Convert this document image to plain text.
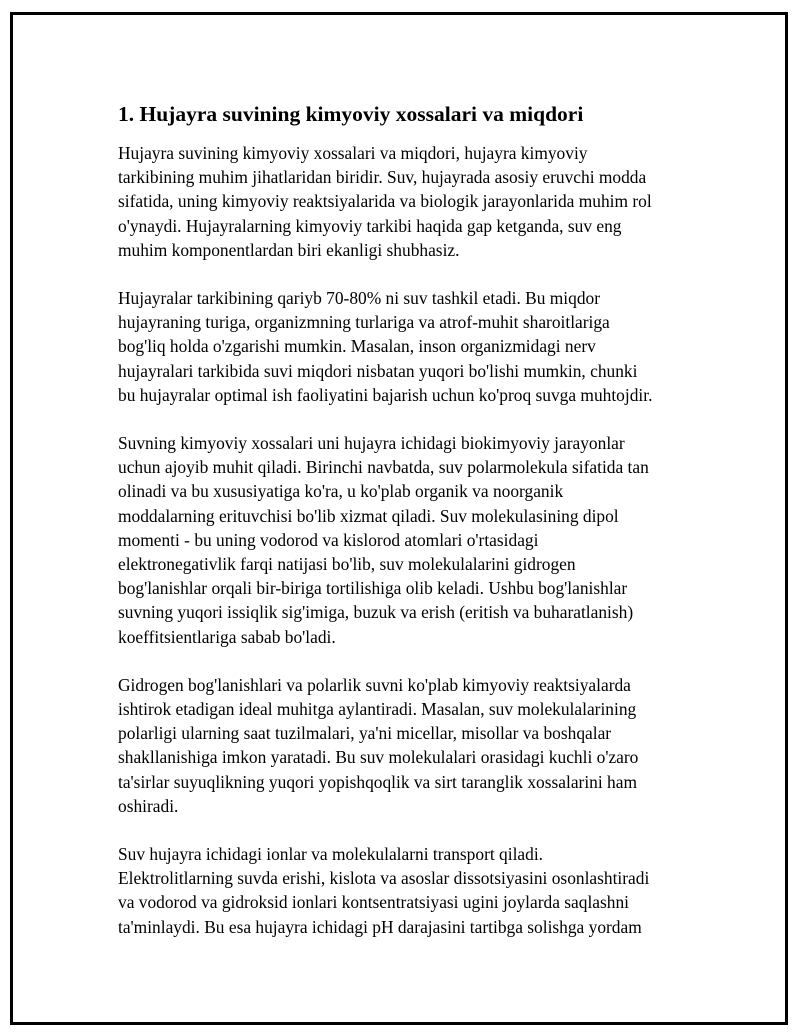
1. Hujayra suvining kimyoviy xossalari va miqdori

Hujayra suvining kimyoviy xossalari va miqdori, hujayra kimyoviy
tarkibining muhim jihatlaridan biridir. Suv, hujayrada asosiy eruvchi modda
sifatida, uning kimyoviy reaktsiyalarida va biologik jarayonlarida muhim rol
o'ynaydi. Hujayralarning kimyoviy tarkibi haqida gap ketganda, suv eng
muhim komponentlardan biri ekanligi shubhasiz.

Hujayralar tarkibining qariyb 70-80% ni suv tashkil etadi. Bu miqdor
hujayraning turiga, organizmning turlariga va atrof-muhit sharoitlariga
bog'liq holda o'zgarishi mumkin. Masalan, inson organizmidagi nerv
hujayralari tarkibida suvi miqdori nisbatan yuqori bo'lishi mumkin, chunki
bu hujayralar optimal ish faoliyatini bajarish uchun ko'proq suvga muhtojdir.

Suvning kimyoviy xossalari uni hujayra ichidagi biokimyoviy jarayonlar
uchun ajoyib muhit qiladi. Birinchi navbatda, suv polarmolekula sifatida tan
olinadi va bu xususiyatiga ko'ra, u ko'plab organik va noorganik
moddalarning erituvchisi bo'lib xizmat qiladi. Suv molekulasining dipol
momenti - bu uning vodorod va kislorod atomlari o'rtasidagi
elektronegativlik farqi natijasi bo'lib, suv molekulalarini gidrogen
bog'lanishlar orqali bir-biriga tortilishiga olib keladi. Ushbu bog'lanishlar
suvning yuqori issiqlik sig'imiga, buzuk va erish (eritish va buharatlanish)
koeffitsientlariga sabab bo'ladi.

Gidrogen bog'lanishlari va polarlik suvni ko'plab kimyoviy reaktsiyalarda
ishtirok etadigan ideal muhitga aylantiradi. Masalan, suv molekulalarining
polarligi ularning saat tuzilmalari, ya'ni micellar, misollar va boshqalar
shakllanishiga imkon yaratadi. Bu suv molekulalari orasidagi kuchli o'zaro
ta'sirlar suyuqlikning yuqori yopishqoqlik va sirt taranglik xossalarini ham
oshiradi.

Suv hujayra ichidagi ionlar va molekulalarni transport qiladi.
Elektrolitlarning suvda erishi, kislota va asoslar dissotsiyasini osonlashtiradi
va vodorod va gidroksid ionlari kontsentratsiyasi ugini joylarda saqlashni
ta'minlaydi. Bu esa hujayra ichidagi pH darajasini tartibga solishga yordam
